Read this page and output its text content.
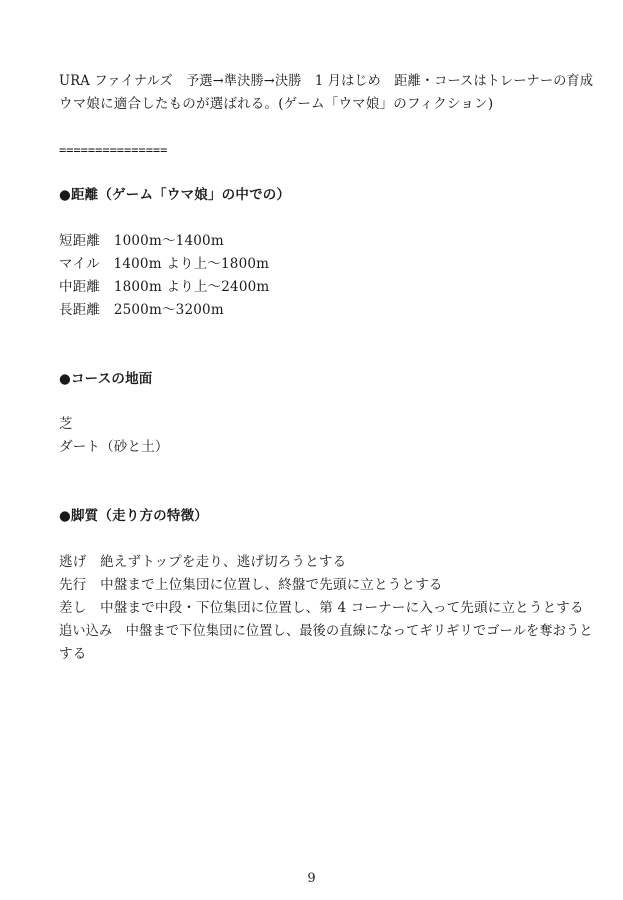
URA ファイナルズ　予選→準決勝→決勝　1 月はじめ　距離・コースはトレーナーの育成
ウマ娘に適合したものが選ばれる。(ゲーム「ウマ娘」のフィクション)
===============
●距離（ゲーム「ウマ娘」の中での）
短距離　 1000m〜1400m
マイル　 1400m より上〜1800m
中距離　 1800m より上〜2400m
長距離　 2500m〜3200m
●コースの地面
芝
ダート（砂と土）
●脚質（走り方の特徴）
逃げ　 絶えずトップを走り、逃げ切ろうとする
先行　 中盤まで上位集団に位置し、終盤で先頭に立とうとする
差し　 中盤まで中段・下位集団に位置し、第 4 コーナーに入って先頭に立とうとする
追い込み　 中盤まで下位集団に位置し、最後の直線になってギリギリでゴールを奪おうと
する
9
